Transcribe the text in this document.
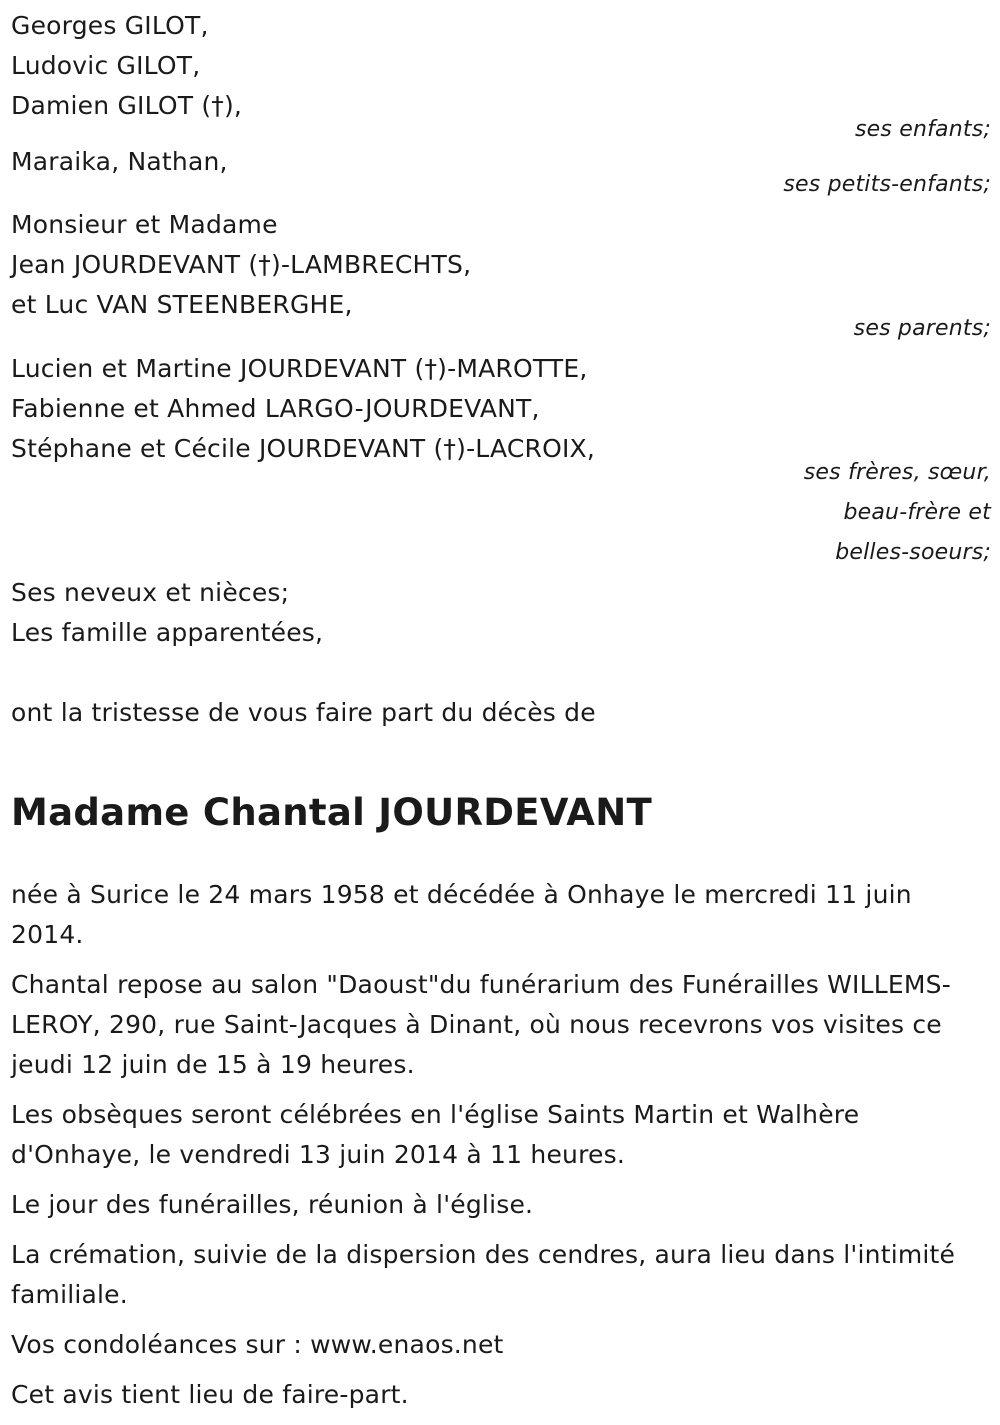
Georges GILOT,
Ludovic GILOT,
Damien GILOT (†),
ses enfants;
Maraika, Nathan,
ses petits-enfants;
Monsieur et Madame
Jean JOURDEVANT (†)-LAMBRECHTS,
et Luc VAN STEENBERGHE,
ses parents;
Lucien et Martine JOURDEVANT (†)-MAROTTE,
Fabienne et Ahmed LARGO-JOURDEVANT,
Stéphane et Cécile JOURDEVANT (†)-LACROIX,
ses frères, sœur,
beau-frère et
belles-soeurs;
Ses neveux et nièces;
Les famille apparentées,
ont la tristesse de vous faire part du décès de
Madame Chantal JOURDEVANT
née à Surice le 24 mars 1958 et décédée à Onhaye le mercredi 11 juin 2014.
Chantal repose au salon "Daoust"du funérarium des Funérailles WILLEMS-LEROY, 290, rue Saint-Jacques à Dinant, où nous recevrons vos visites ce jeudi 12 juin de 15 à 19 heures.
Les obsèques seront célébrées en l'église Saints Martin et Walhère d'Onhaye, le vendredi 13 juin 2014 à 11 heures.
Le jour des funérailles, réunion à l'église.
La crémation, suivie de la dispersion des cendres, aura lieu dans l'intimité familiale.
Vos condoléances sur : www.enaos.net
Cet avis tient lieu de faire-part.
